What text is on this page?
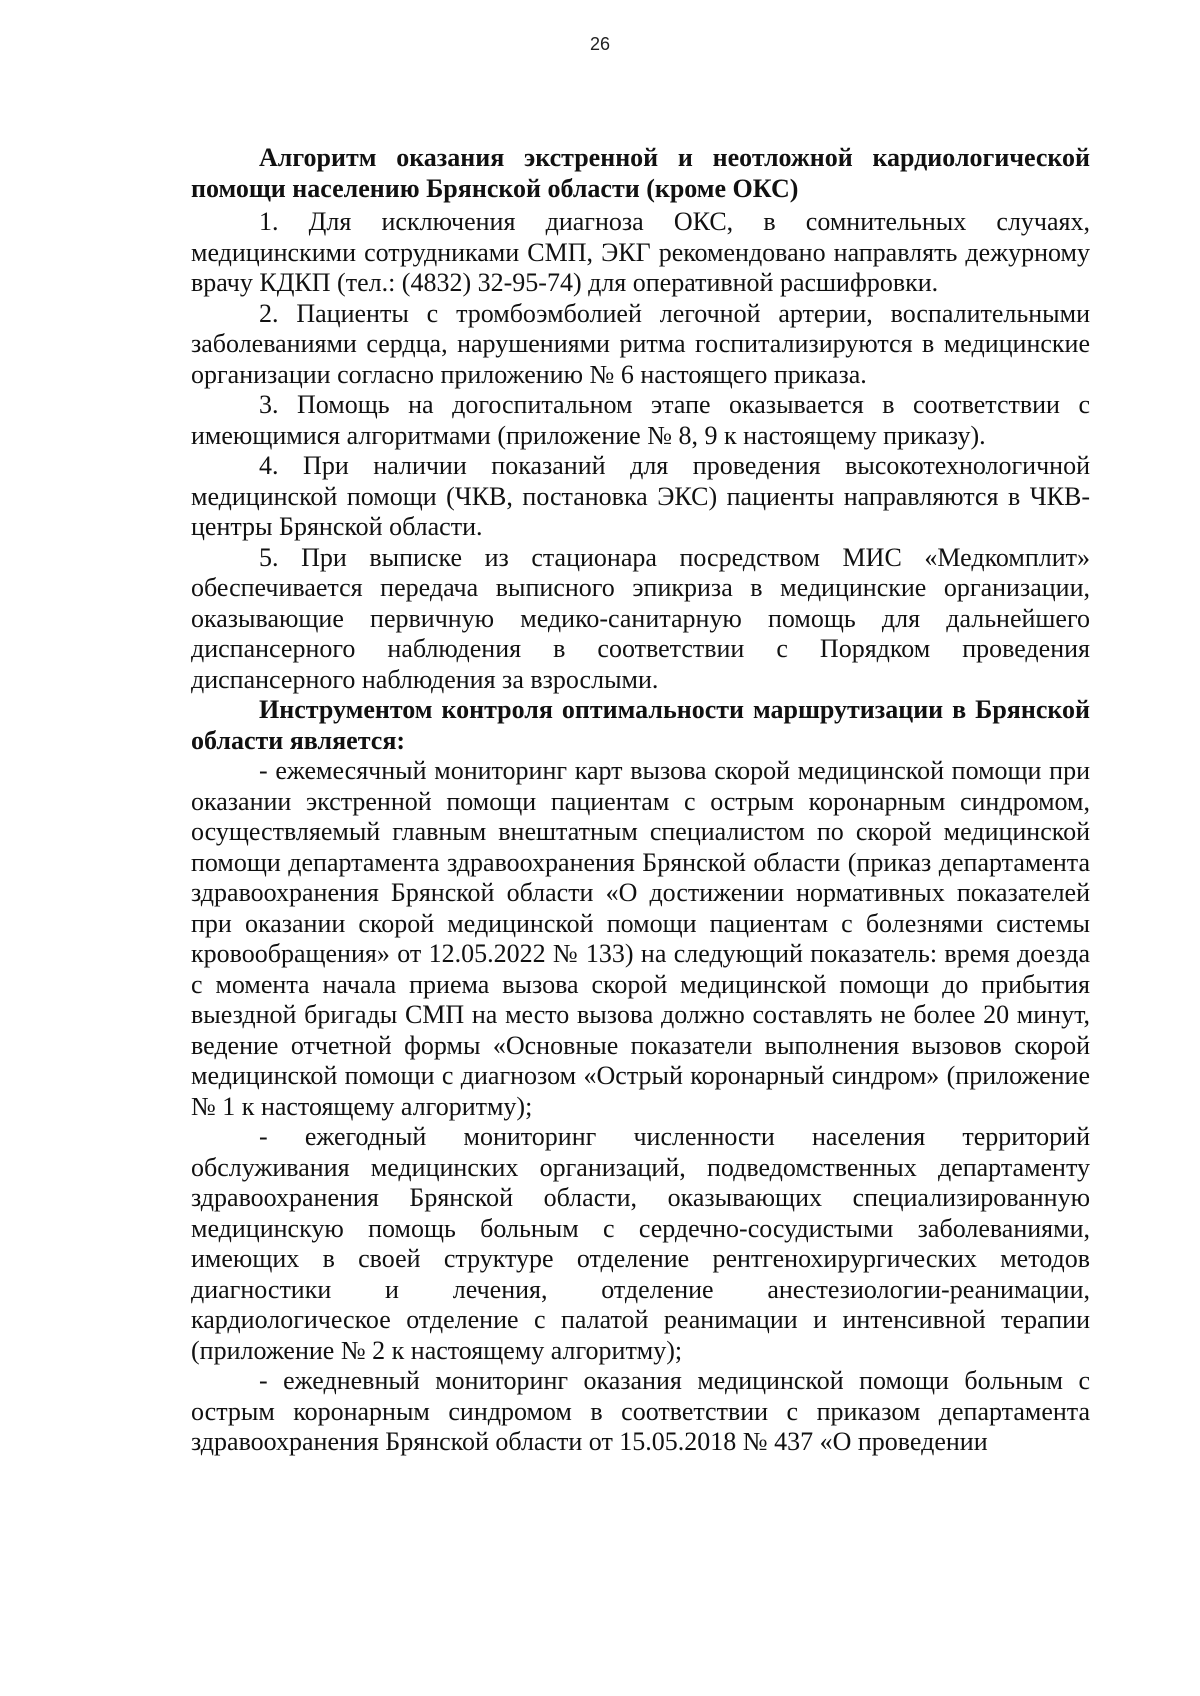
26

Алгоритм оказания экстренной и неотложной кардиологической помощи населению Брянской области (кроме ОКС)

1. Для исключения диагноза ОКС, в сомнительных случаях, медицинскими сотрудниками СМП, ЭКГ рекомендовано направлять дежурному врачу КДКП (тел.: (4832) 32-95-74) для оперативной расшифровки.

2. Пациенты с тромбоэмболией легочной артерии, воспалительными заболеваниями сердца, нарушениями ритма госпитализируются в медицинские организации согласно приложению № 6 настоящего приказа.

3. Помощь на догоспитальном этапе оказывается в соответствии с имеющимися алгоритмами (приложение № 8, 9 к настоящему приказу).

4. При наличии показаний для проведения высокотехнологичной медицинской помощи (ЧКВ, постановка ЭКС) пациенты направляются в ЧКВ-центры Брянской области.

5. При выписке из стационара посредством МИС «Медкомплит» обеспечивается передача выписного эпикриза в медицинские организации, оказывающие первичную медико-санитарную помощь для дальнейшего диспансерного наблюдения в соответствии с Порядком проведения диспансерного наблюдения за взрослыми.

Инструментом контроля оптимальности маршрутизации в Брянской области является:

- ежемесячный мониторинг карт вызова скорой медицинской помощи при оказании экстренной помощи пациентам с острым коронарным синдромом, осуществляемый главным внештатным специалистом по скорой медицинской помощи департамента здравоохранения Брянской области (приказ департамента здравоохранения Брянской области «О достижении нормативных показателей при оказании скорой медицинской помощи пациентам с болезнями системы кровообращения» от 12.05.2022 № 133) на следующий показатель: время доезда с момента начала приема вызова скорой медицинской помощи до прибытия выездной бригады СМП на место вызова должно составлять не более 20 минут, ведение отчетной формы «Основные показатели выполнения вызовов скорой медицинской помощи с диагнозом «Острый коронарный синдром» (приложение № 1 к настоящему алгоритму);

- ежегодный мониторинг численности населения территорий обслуживания медицинских организаций, подведомственных департаменту здравоохранения Брянской области, оказывающих специализированную медицинскую помощь больным с сердечно-сосудистыми заболеваниями, имеющих в своей структуре отделение рентгенохирургических методов диагностики и лечения, отделение анестезиологии-реанимации, кардиологическое отделение с палатой реанимации и интенсивной терапии (приложение № 2 к настоящему алгоритму);

- ежедневный мониторинг оказания медицинской помощи больным с острым коронарным синдромом в соответствии с приказом департамента здравоохранения Брянской области от 15.05.2018 № 437 «О проведении
